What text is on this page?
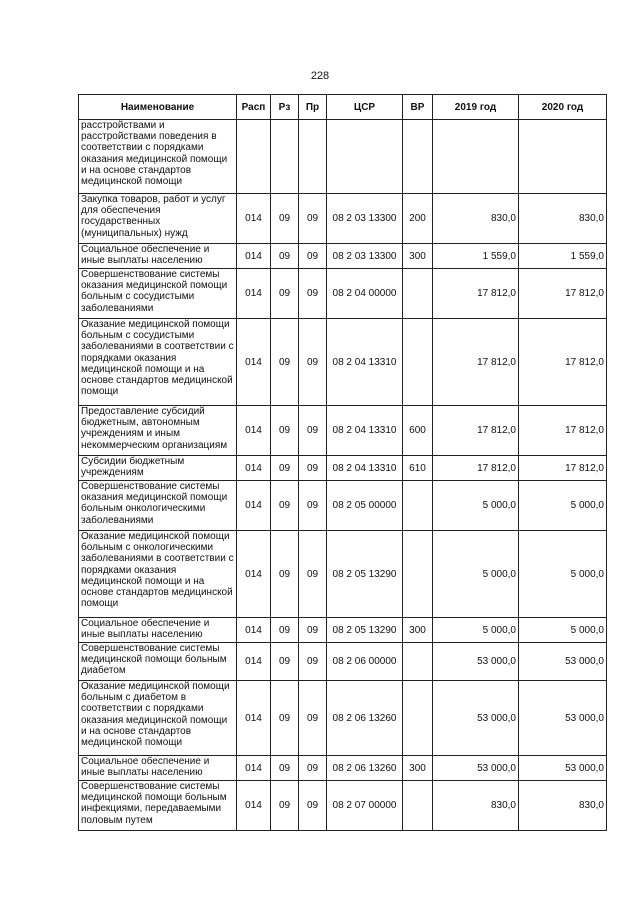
228
Наименование	Расп	Рз	Пр	ЦСР	ВР	2019 год	2020 год
расстройствами и расстройствами поведения в соответствии с порядками оказания медицинской помощи и на основе стандартов медицинской помощи							
Закупка товаров, работ и услуг для обеспечения государственных (муниципальных) нужд	014	09	09	08 2 03 13300	200	830,0	830,0
Социальное обеспечение и иные выплаты населению	014	09	09	08 2 03 13300	300	1 559,0	1 559,0
Совершенствование системы оказания медицинской помощи больным с сосудистыми заболеваниями	014	09	09	08 2 04 00000		17 812,0	17 812,0
Оказание медицинской помощи больным с сосудистыми заболеваниями в соответствии с порядками оказания медицинской помощи и на основе стандартов медицинской помощи	014	09	09	08 2 04 13310		17 812,0	17 812,0
Предоставление субсидий бюджетным, автономным учреждениям и иным некоммерческим организациям	014	09	09	08 2 04 13310	600	17 812,0	17 812,0
Субсидии бюджетным учреждениям	014	09	09	08 2 04 13310	610	17 812,0	17 812,0
Совершенствование системы оказания медицинской помощи больным онкологическими заболеваниями	014	09	09	08 2 05 00000		5 000,0	5 000,0
Оказание медицинской помощи больным с онкологическими заболеваниями в соответствии с порядками оказания медицинской помощи и на основе стандартов медицинской помощи	014	09	09	08 2 05 13290		5 000,0	5 000,0
Социальное обеспечение и иные выплаты населению	014	09	09	08 2 05 13290	300	5 000,0	5 000,0
Совершенствование системы медицинской помощи больным диабетом	014	09	09	08 2 06 00000		53 000,0	53 000,0
Оказание медицинской помощи больным с диабетом в соответствии с порядками оказания медицинской помощи и на основе стандартов медицинской помощи	014	09	09	08 2 06 13260		53 000,0	53 000,0
Социальное обеспечение и иные выплаты населению	014	09	09	08 2 06 13260	300	53 000,0	53 000,0
Совершенствование системы медицинской помощи больным инфекциями, передаваемыми половым путем	014	09	09	08 2 07 00000		830,0	830,0
